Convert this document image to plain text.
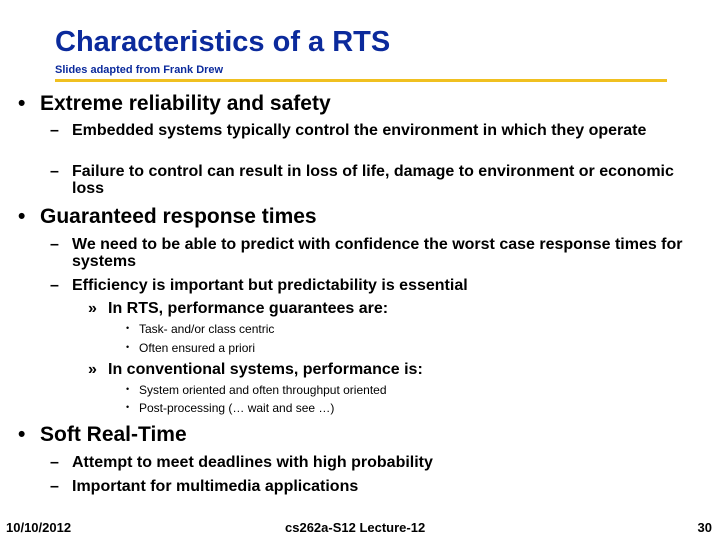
Characteristics of a RTS
Slides adapted from Frank Drew
• Extreme reliability and safety
– Embedded systems typically control the environment in which they operate
– Failure to control can result in loss of life, damage to environment or economic loss
• Guaranteed response times
– We need to be able to predict with confidence the worst case response times for systems
– Efficiency is important but predictability is essential
» In RTS, performance guarantees are:
• Task- and/or class centric
• Often ensured a priori
» In conventional systems, performance is:
• System oriented and often throughput oriented
• Post-processing (… wait and see …)
• Soft Real-Time
– Attempt to meet deadlines with high probability
– Important for multimedia applications
10/10/2012	cs262a-S12 Lecture-12	30
